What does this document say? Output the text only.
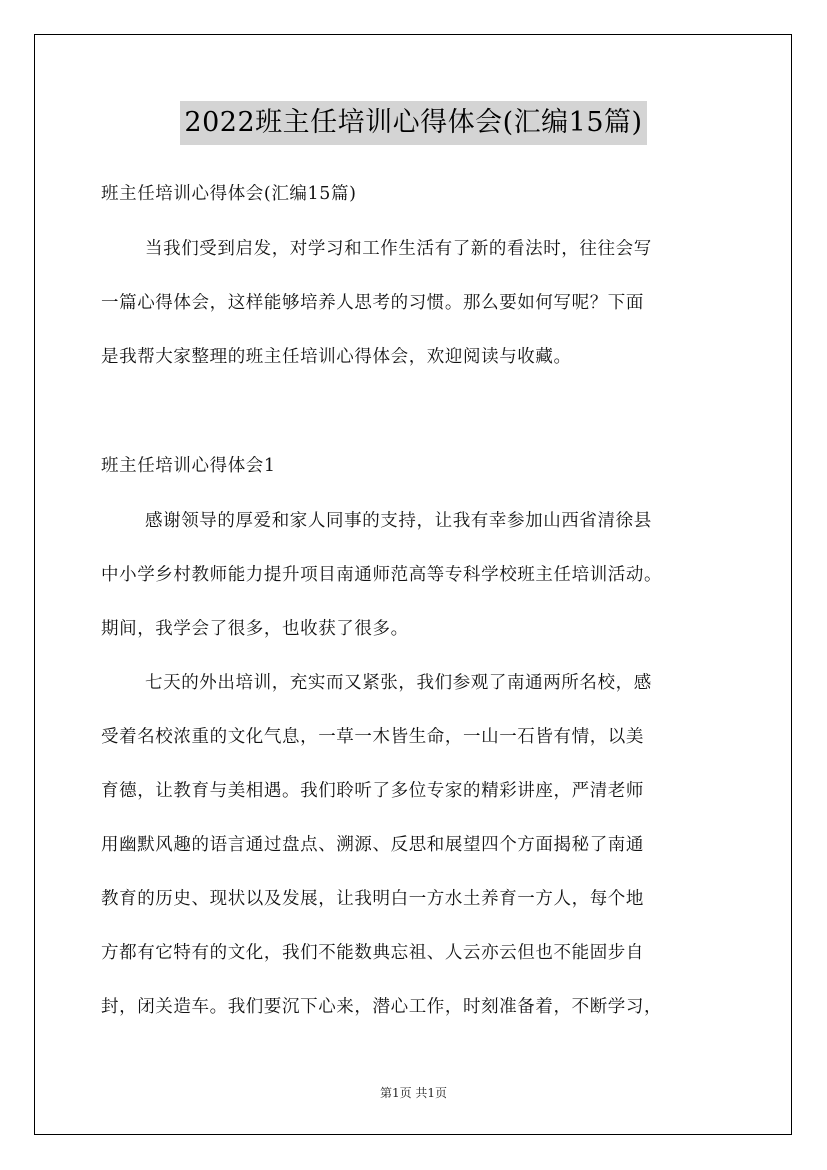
2022班主任培训心得体会(汇编15篇)
班主任培训心得体会(汇编15篇)
当我们受到启发，对学习和工作生活有了新的看法时，往往会写
一篇心得体会，这样能够培养人思考的习惯。那么要如何写呢？下面
是我帮大家整理的班主任培训心得体会，欢迎阅读与收藏。
班主任培训心得体会1
感谢领导的厚爱和家人同事的支持，让我有幸参加山西省清徐县
中小学乡村教师能力提升项目南通师范高等专科学校班主任培训活动。
期间，我学会了很多，也收获了很多。
七天的外出培训，充实而又紧张，我们参观了南通两所名校，感
受着名校浓重的文化气息，一草一木皆生命，一山一石皆有情，以美
育德，让教育与美相遇。我们聆听了多位专家的精彩讲座，严清老师
用幽默风趣的语言通过盘点、溯源、反思和展望四个方面揭秘了南通
教育的历史、现状以及发展，让我明白一方水土养育一方人，每个地
方都有它特有的文化，我们不能数典忘祖、人云亦云但也不能固步自
封，闭关造车。我们要沉下心来，潜心工作，时刻准备着，不断学习，
第1页 共1页
